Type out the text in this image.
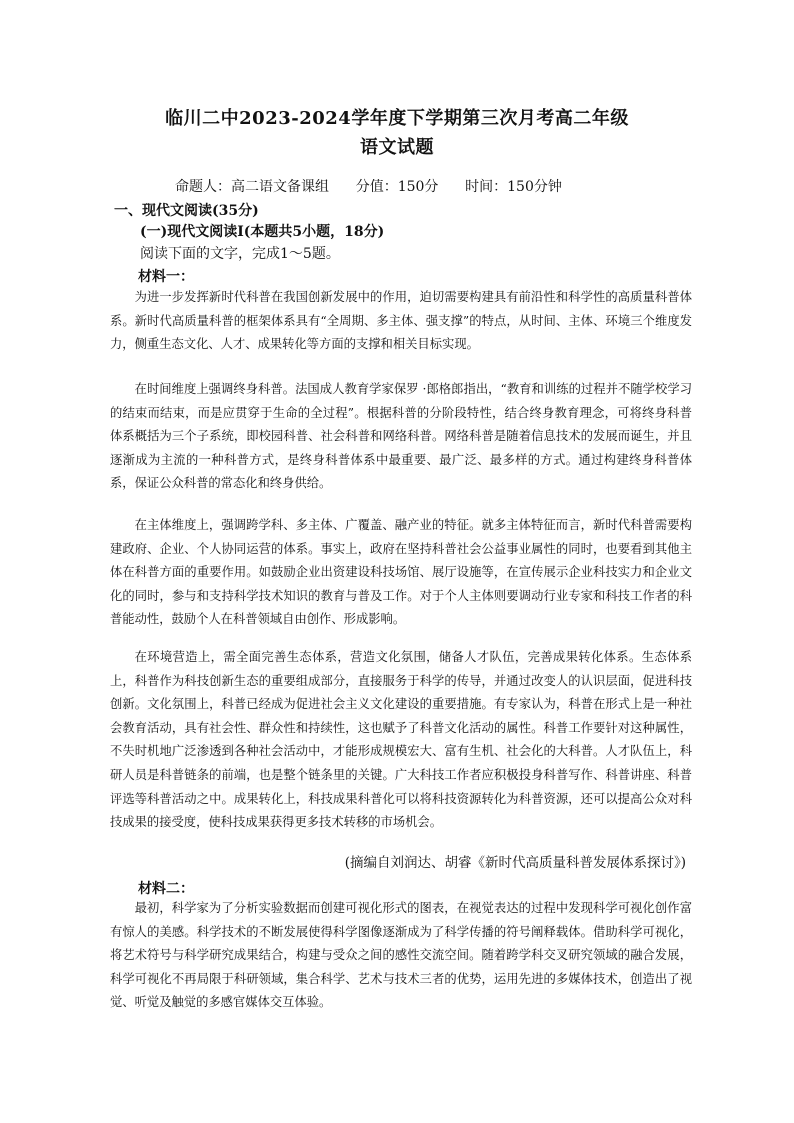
临川二中2023-2024学年度下学期第三次月考高二年级
语文试题
命题人：高二语文备课组 分值：150分 时间：150分钟
一、现代文阅读(35分)
(一)现代文阅读Ⅰ(本题共5小题，18分)
阅读下面的文字，完成1～5题。
材料一：
为进一步发挥新时代科普在我国创新发展中的作用，迫切需要构建具有前沿性和科学性的高质量科普体系。新时代高质量科普的框架体系具有“全周期、多主体、强支撑”的特点，从时间、主体、环境三个维度发力，侧重生态文化、人才、成果转化等方面的支撑和相关目标实现。
在时间维度上强调终身科普。法国成人教育学家保罗 ·郎格郎指出，“教育和训练的过程并不随学校学习的结束而结束，而是应贯穿于生命的全过程”。根据科普的分阶段特性，结合终身教育理念，可将终身科普体系概括为三个子系统，即校园科普、社会科普和网络科普。网络科普是随着信息技术的发展而诞生，并且逐渐成为主流的一种科普方式，是终身科普体系中最重要、最广泛、最多样的方式。通过构建终身科普体系，保证公众科普的常态化和终身供给。
在主体维度上，强调跨学科、多主体、广覆盖、融产业的特征。就多主体特征而言，新时代科普需要构建政府、企业、个人协同运营的体系。事实上，政府在坚持科普社会公益事业属性的同时，也要看到其他主体在科普方面的重要作用。如鼓励企业出资建设科技场馆、展厅设施等，在宣传展示企业科技实力和企业文化的同时，参与和支持科学技术知识的教育与普及工作。对于个人主体则要调动行业专家和科技工作者的科普能动性，鼓励个人在科普领域自由创作、形成影响。
在环境营造上，需全面完善生态体系，营造文化氛围，储备人才队伍，完善成果转化体系。生态体系上，科普作为科技创新生态的重要组成部分，直接服务于科学的传导，并通过改变人的认识层面，促进科技创新。文化氛围上，科普已经成为促进社会主义文化建设的重要措施。有专家认为，科普在形式上是一种社会教育活动，具有社会性、群众性和持续性，这也赋予了科普文化活动的属性。科普工作要针对这种属性，不失时机地广泛渗透到各种社会活动中，才能形成规模宏大、富有生机、社会化的大科普。人才队伍上，科研人员是科普链条的前端，也是整个链条里的关键。广大科技工作者应积极投身科普写作、科普讲座、科普评选等科普活动之中。成果转化上，科技成果科普化可以将科技资源转化为科普资源，还可以提高公众对科技成果的接受度，使科技成果获得更多技术转移的市场机会。
(摘编自刘润达、胡睿《新时代高质量科普发展体系探讨》)
材料二：
最初，科学家为了分析实验数据而创建可视化形式的图表，在视觉表达的过程中发现科学可视化创作富有惊人的美感。科学技术的不断发展使得科学图像逐渐成为了科学传播的符号阐释载体。借助科学可视化，将艺术符号与科学研究成果结合，构建与受众之间的感性交流空间。随着跨学科交叉研究领域的融合发展，科学可视化不再局限于科研领域，集合科学、艺术与技术三者的优势，运用先进的多媒体技术，创造出了视觉、听觉及触觉的多感官媒体交互体验。
